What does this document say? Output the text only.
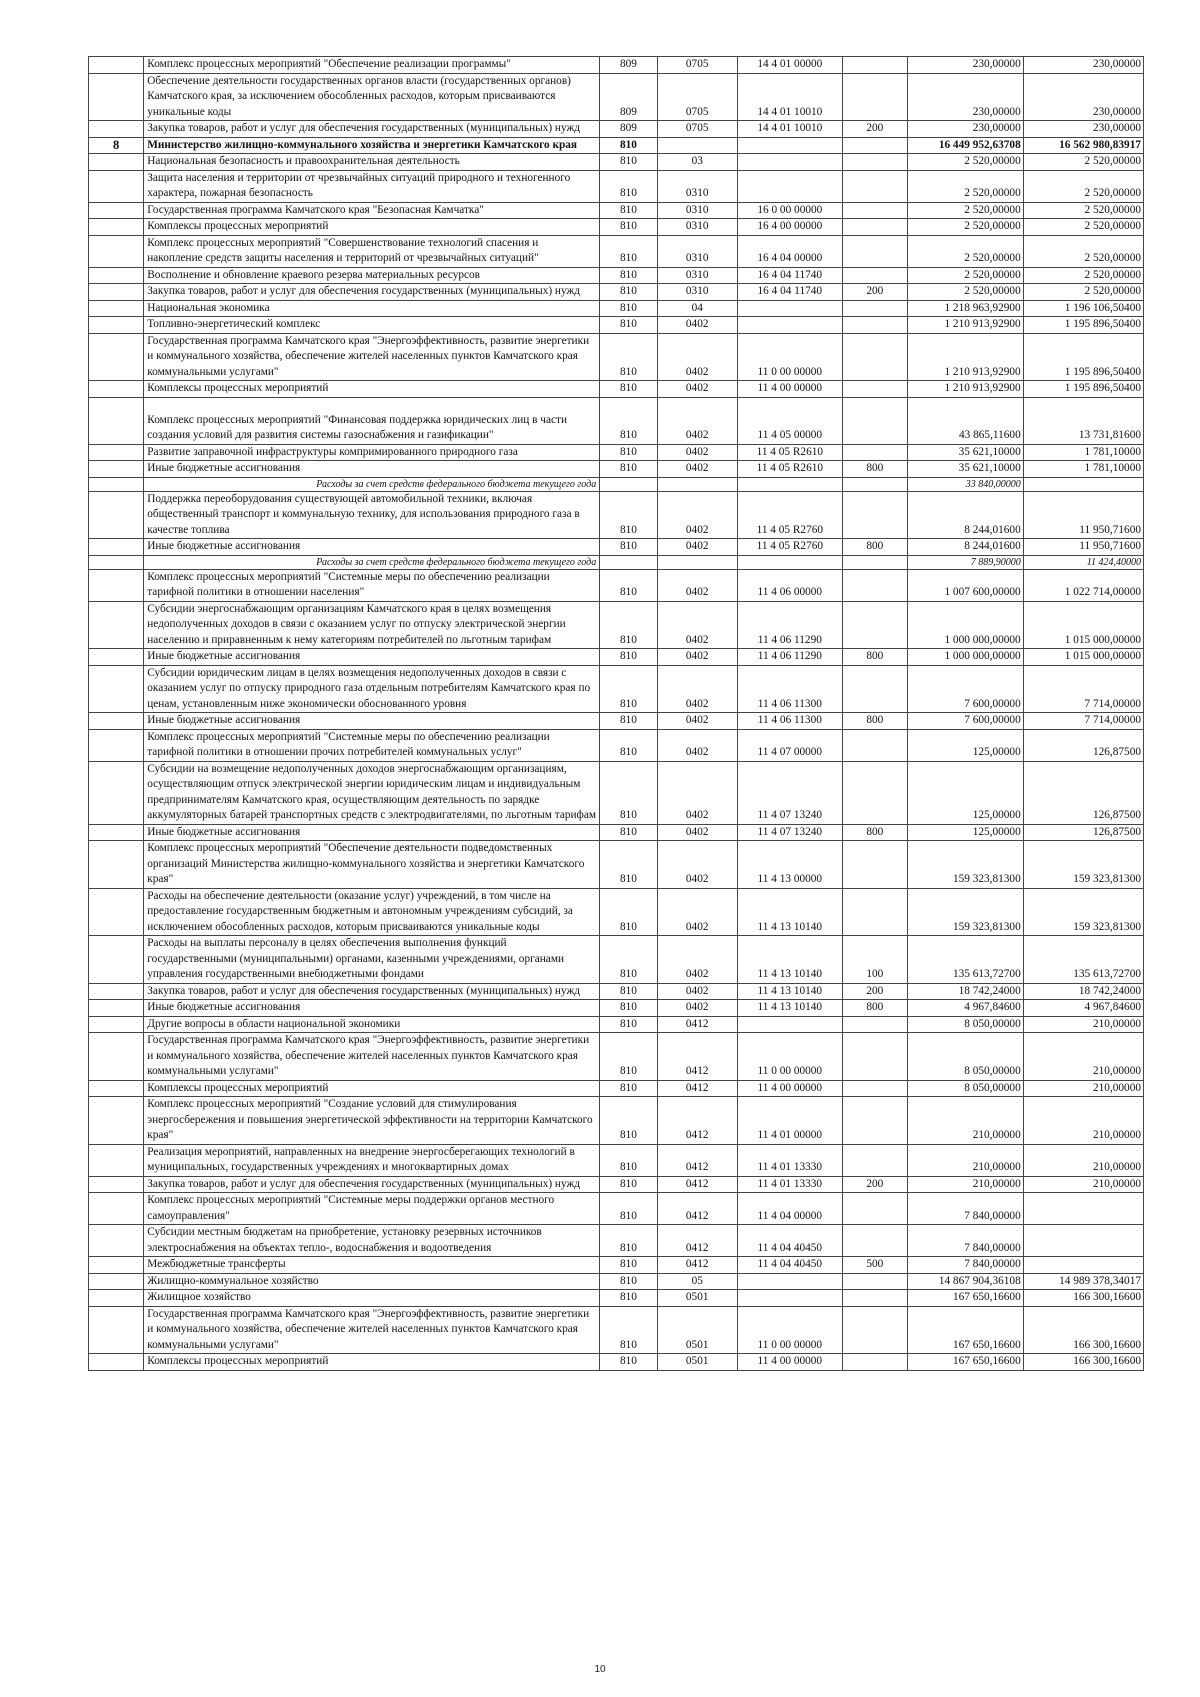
	Комплекс процессных мероприятий "Обеспечение реализации программы"	809	0705	14 4 01 00000		230,00000	230,00000
	Обеспечение деятельности государственных органов власти (государственных органов) Камчатского края, за исключением обособленных расходов, которым присваиваются уникальные коды	809	0705	14 4 01 10010		230,00000	230,00000
	Закупка товаров, работ и услуг для обеспечения государственных (муниципальных) нужд	809	0705	14 4 01 10010	200	230,00000	230,00000
8	Министерство жилищно-коммунального хозяйства и энергетики Камчатского края	810				16 449 952,63708	16 562 980,83917
	Национальная безопасность и правоохранительная деятельность	810	03			2 520,00000	2 520,00000
	Защита населения и территории от чрезвычайных ситуаций природного и техногенного характера, пожарная безопасность	810	0310			2 520,00000	2 520,00000
	Государственная программа Камчатского края "Безопасная Камчатка"	810	0310	16 0 00 00000		2 520,00000	2 520,00000
	Комплексы процессных мероприятий	810	0310	16 4 00 00000		2 520,00000	2 520,00000
	Комплекс процессных мероприятий "Совершенствование технологий спасения и накопление средств защиты населения и территорий от чрезвычайных ситуаций"	810	0310	16 4 04 00000		2 520,00000	2 520,00000
	Восполнение и обновление краевого резерва материальных ресурсов	810	0310	16 4 04 11740		2 520,00000	2 520,00000
	Закупка товаров, работ и услуг для обеспечения государственных (муниципальных) нужд	810	0310	16 4 04 11740	200	2 520,00000	2 520,00000
	Национальная экономика	810	04			1 218 963,92900	1 196 106,50400
	Топливно-энергетический комплекс	810	0402			1 210 913,92900	1 195 896,50400
	Государственная программа Камчатского края "Энергоэффективность, развитие энергетики и коммунального хозяйства, обеспечение жителей населенных пунктов Камчатского края коммунальными услугами"	810	0402	11 0 00 00000		1 210 913,92900	1 195 896,50400
	Комплексы процессных мероприятий	810	0402	11 4 00 00000		1 210 913,92900	1 195 896,50400
	Комплекс процессных мероприятий "Финансовая поддержка юридических лиц в части создания условий для развития системы газоснабжения и газификации"	810	0402	11 4 05 00000		43 865,11600	13 731,81600
	Развитие заправочной инфраструктуры компримированного природного газа	810	0402	11 4 05 R2610		35 621,10000	1 781,10000
	Иные бюджетные ассигнования	810	0402	11 4 05 R2610	800	35 621,10000	1 781,10000
	Расходы за счет средств федерального бюджета текущего года					33 840,00000	
	Поддержка переоборудования существующей автомобильной техники, включая общественный транспорт и коммунальную технику, для использования природного газа в качестве топлива	810	0402	11 4 05 R2760		8 244,01600	11 950,71600
	Иные бюджетные ассигнования	810	0402	11 4 05 R2760	800	8 244,01600	11 950,71600
	Расходы за счет средств федерального бюджета текущего года					7 889,90000	11 424,40000
	Комплекс процессных мероприятий "Системные меры по обеспечению реализации тарифной политики в отношении населения"	810	0402	11 4 06 00000		1 007 600,00000	1 022 714,00000
	Субсидии энергоснабжающим организациям Камчатского края в целях возмещения недополученных доходов в связи с оказанием услуг по отпуску электрической энергии населению и приравненным к нему категориям потребителей по льготным тарифам	810	0402	11 4 06 11290		1 000 000,00000	1 015 000,00000
	Иные бюджетные ассигнования	810	0402	11 4 06 11290	800	1 000 000,00000	1 015 000,00000
	Субсидии юридическим лицам в целях возмещения недополученных доходов в связи с оказанием услуг по отпуску природного газа отдельным потребителям Камчатского края по ценам, установленным ниже экономически обоснованного уровня	810	0402	11 4 06 11300		7 600,00000	7 714,00000
	Иные бюджетные ассигнования	810	0402	11 4 06 11300	800	7 600,00000	7 714,00000
	Комплекс процессных мероприятий "Системные меры по обеспечению реализации тарифной политики в отношении прочих потребителей коммунальных услуг"	810	0402	11 4 07 00000		125,00000	126,87500
	Субсидии на возмещение недополученных доходов энергоснабжающим организациям, осуществляющим отпуск электрической энергии юридическим лицам и индивидуальным предпринимателям Камчатского края, осуществляющим деятельность по зарядке аккумуляторных батарей транспортных средств с электродвигателями, по льготным тарифам	810	0402	11 4 07 13240		125,00000	126,87500
	Иные бюджетные ассигнования	810	0402	11 4 07 13240	800	125,00000	126,87500
	Комплекс процессных мероприятий "Обеспечение деятельности подведомственных организаций Министерства жилищно-коммунального хозяйства и энергетики Камчатского края"	810	0402	11 4 13 00000		159 323,81300	159 323,81300
	Расходы на обеспечение деятельности (оказание услуг) учреждений, в том числе на предоставление государственным бюджетным и автономным учреждениям субсидий, за исключением обособленных расходов, которым присваиваются уникальные коды	810	0402	11 4 13 10140		159 323,81300	159 323,81300
	Расходы на выплаты персоналу в целях обеспечения выполнения функций государственными (муниципальными) органами, казенными учреждениями, органами управления государственными внебюджетными фондами	810	0402	11 4 13 10140	100	135 613,72700	135 613,72700
	Закупка товаров, работ и услуг для обеспечения государственных (муниципальных) нужд	810	0402	11 4 13 10140	200	18 742,24000	18 742,24000
	Иные бюджетные ассигнования	810	0402	11 4 13 10140	800	4 967,84600	4 967,84600
	Другие вопросы в области национальной экономики	810	0412			8 050,00000	210,00000
	Государственная программа Камчатского края "Энергоэффективность, развитие энергетики и коммунального хозяйства, обеспечение жителей населенных пунктов Камчатского края коммунальными услугами"	810	0412	11 0 00 00000		8 050,00000	210,00000
	Комплексы процессных мероприятий	810	0412	11 4 00 00000		8 050,00000	210,00000
	Комплекс процессных мероприятий "Создание условий для стимулирования энергосбережения и повышения энергетической эффективности на территории Камчатского края"	810	0412	11 4 01 00000		210,00000	210,00000
	Реализация мероприятий, направленных на внедрение энергосберегающих технологий в муниципальных, государственных учреждениях и многоквартирных домах	810	0412	11 4 01 13330		210,00000	210,00000
	Закупка товаров, работ и услуг для обеспечения государственных (муниципальных) нужд	810	0412	11 4 01 13330	200	210,00000	210,00000
	Комплекс процессных мероприятий "Системные меры поддержки органов местного самоуправления"	810	0412	11 4 04 00000		7 840,00000	
	Субсидии местным бюджетам на приобретение, установку резервных источников электроснабжения на объектах тепло-, водоснабжения и водоотведения	810	0412	11 4 04 40450		7 840,00000	
	Межбюджетные трансферты	810	0412	11 4 04 40450	500	7 840,00000	
	Жилищно-коммунальное хозяйство	810	05			14 867 904,36108	14 989 378,34017
	Жилищное хозяйство	810	0501			167 650,16600	166 300,16600
	Государственная программа Камчатского края "Энергоэффективность, развитие энергетики и коммунального хозяйства, обеспечение жителей населенных пунктов Камчатского края коммунальными услугами"	810	0501	11 0 00 00000		167 650,16600	166 300,16600
	Комплексы процессных мероприятий	810	0501	11 4 00 00000		167 650,16600	166 300,16600
10
